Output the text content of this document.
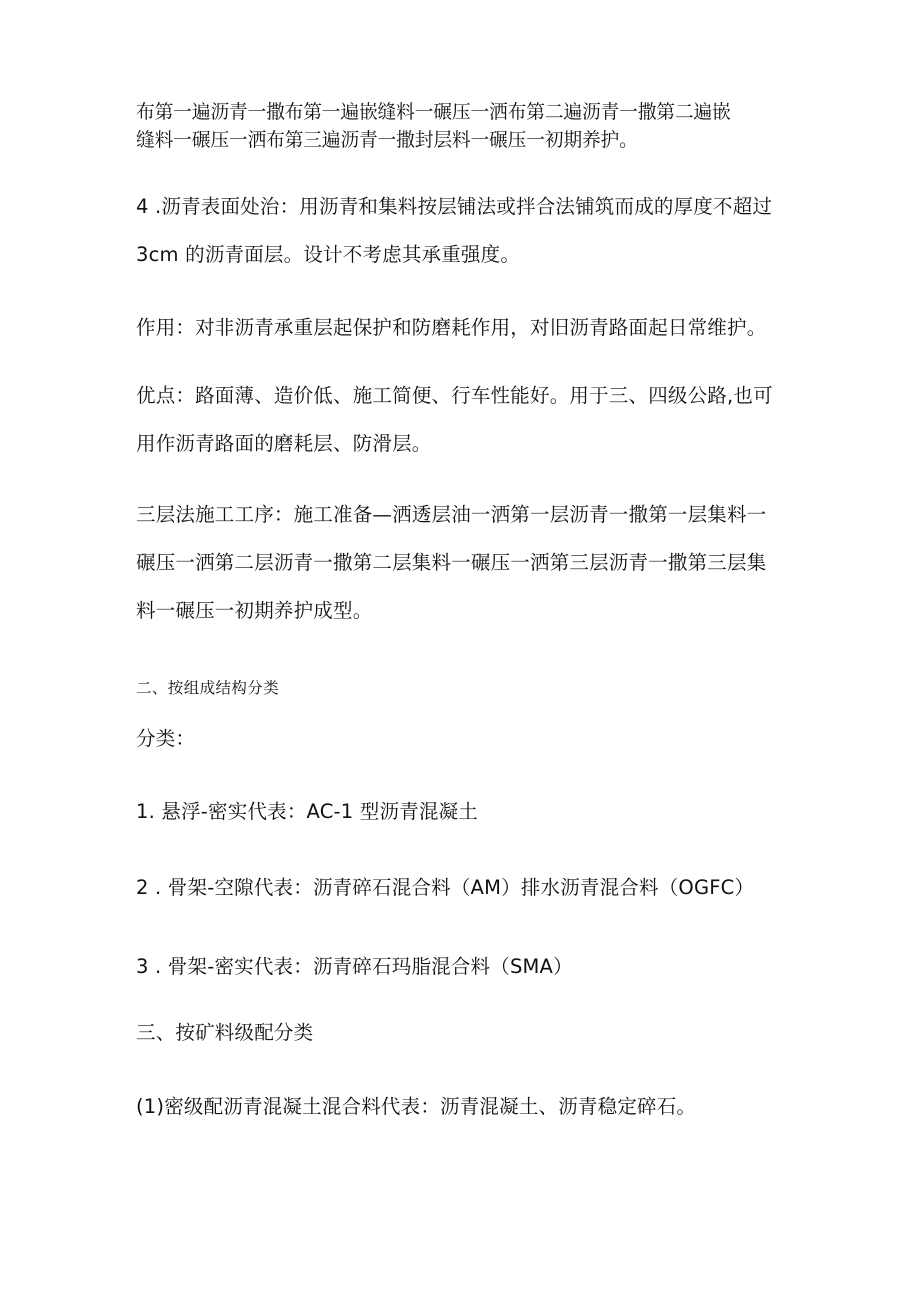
布第一遍沥青一撒布第一遍嵌缝料一碾压一洒布第二遍沥青一撒第二遍嵌
缝料一碾压一洒布第三遍沥青一撒封层料一碾压一初期养护。
4 .沥青表面处治：用沥青和集料按层铺法或拌合法铺筑而成的厚度不超过
3cm 的沥青面层。设计不考虑其承重强度。
作用：对非沥青承重层起保护和防磨耗作用，对旧沥青路面起日常维护。
优点：路面薄、造价低、施工简便、行车性能好。用于三、四级公路,也可
用作沥青路面的磨耗层、防滑层。
三层法施工工序：施工准备—洒透层油一洒第一层沥青一撒第一层集料一
碾压一洒第二层沥青一撒第二层集料一碾压一洒第三层沥青一撒第三层集
料一碾压一初期养护成型。
二、按组成结构分类
分类：
1. 悬浮-密实代表：AC-1 型沥青混凝土
2 . 骨架-空隙代表：沥青碎石混合料（AM）排水沥青混合料（OGFC）
3 . 骨架-密实代表：沥青碎石玛脂混合料（SMA）
三、按矿料级配分类
(1)密级配沥青混凝土混合料代表：沥青混凝土、沥青稳定碎石。
